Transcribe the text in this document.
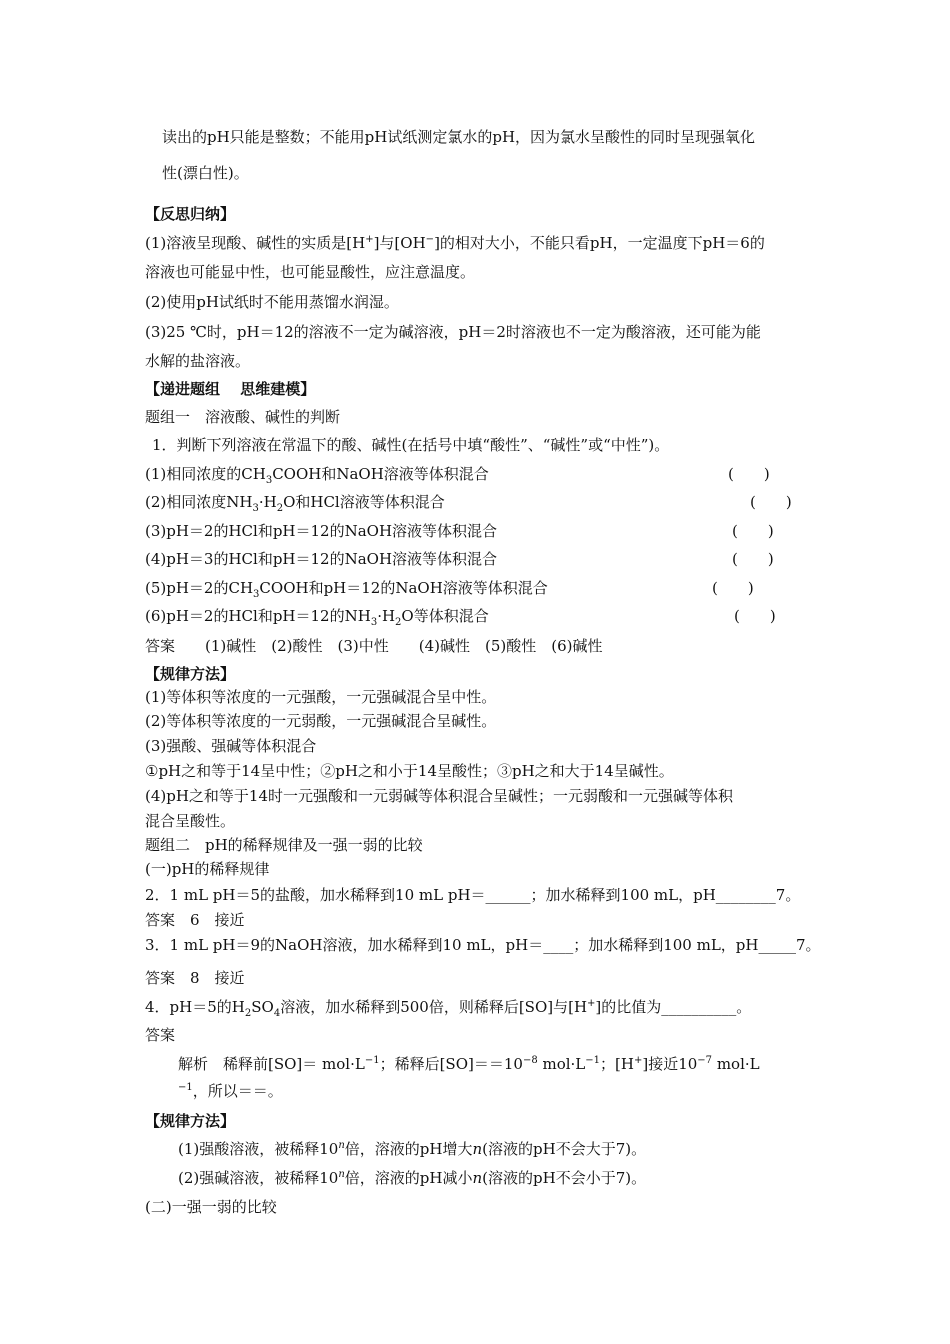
读出的pH只能是整数；不能用pH试纸测定氯水的pH，因为氯水呈酸性的同时呈现强氧化
性(漂白性)。
【反思归纳】
(1)溶液呈现酸、碱性的实质是[H+]与[OH−]的相对大小，不能只看pH，一定温度下pH＝6的
溶液也可能显中性，也可能显酸性，应注意温度。
(2)使用pH试纸时不能用蒸馏水润湿。
(3)25 ℃时，pH＝12的溶液不一定为碱溶液，pH＝2时溶液也不一定为酸溶液，还可能为能
水解的盐溶液。
【递进题组　 思维建模】
题组一　溶液酸、碱性的判断
1．判断下列溶液在常温下的酸、碱性(在括号中填“酸性”、“碱性”或“中性”)。
(1)相同浓度的$CH_3COOH$和NaOH溶液等体积混合	(　　)
(2)相同浓度$NH_3\cdot H_2O$和HCl溶液等体积混合	(　　)
(3)pH＝2的HCl和pH＝12的NaOH溶液等体积混合	(　　)
(4)pH＝3的HCl和pH＝12的NaOH溶液等体积混合	(　　)
(5)pH＝2的$CH_3COOH$和pH＝12的NaOH溶液等体积混合	(　　)
(6)pH＝2的HCl和pH＝12的$NH_3\cdot H_2O$等体积混合	(　　)
答案　　(1)碱性　(2)酸性　(3)中性　　(4)碱性　(5)酸性　(6)碱性
【规律方法】
(1)等体积等浓度的一元强酸，一元强碱混合呈中性。
(2)等体积等浓度的一元弱酸，一元强碱混合呈碱性。
(3)强酸、强碱等体积混合
①pH之和等于14呈中性；②pH之和小于14呈酸性；③pH之和大于14呈碱性。
(4)pH之和等于14时一元强酸和一元弱碱等体积混合呈碱性；一元弱酸和一元强碱等体积
混合呈酸性。
题组二　pH的稀释规律及一强一弱的比较
(一)pH的稀释规律
2．1 mL pH＝5的盐酸，加水稀释到10 mL pH＝______；加水稀释到100 mL，pH________7。
答案　6　接近
3．1 mL pH＝9的NaOH溶液，加水稀释到10 mL，pH＝____；加水稀释到100 mL，pH_____7。
答案　8　接近
4．pH＝5的$H_2SO_4$溶液，加水稀释到500倍，则稀释后[SO]与[H+]的比值为__________。
答案
解析　稀释前$[SO]= mol\cdot L^{-1}$；稀释后$[SO]==10^{-8}$ $mol\cdot L^{-1}$；[H+]接近$10^{-7}$ mol·L
$^{-1}$，所以＝＝。
【规律方法】
(1)强酸溶液，被稀释10$^n$倍，溶液的pH增大n(溶液的pH不会大于7)。
(2)强碱溶液，被稀释10$^n$倍，溶液的pH减小n(溶液的pH不会小于7)。
(二)一强一弱的比较
